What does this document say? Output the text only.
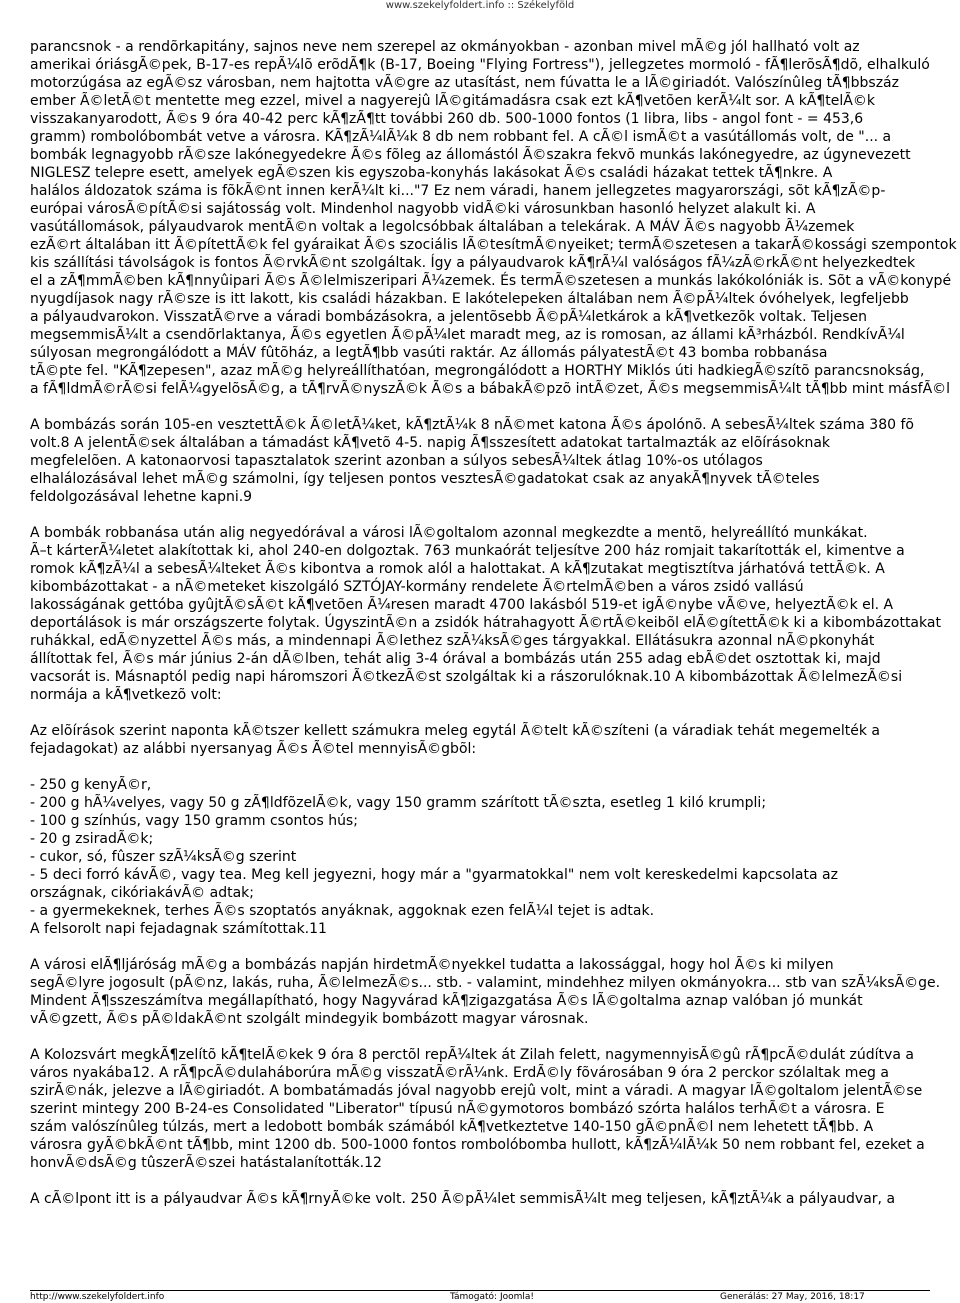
www.szekelyfoldert.info :: Székelyföld
parancsnok - a rendõrkapitány, sajnos neve nem szerepel az okmányokban - azonban mivel mÃ©g jól hallható volt az
amerikai óriásgÃ©pek, B-17-es repÃ¼lõ erõdÃ¶k (B-17, Boeing "Flying Fortress"), jellegzetes mormoló - fÃ¶lerõsÃ¶dõ, elhalkuló
motorzúgása az egÃ©sz városban, nem hajtotta vÃ©gre az utasítást, nem fúvatta le a lÃ©giriadót. Valószínûleg tÃ¶bbszáz
ember Ã©letÃ©t mentette meg ezzel, mivel a nagyerejû lÃ©gitámadásra csak ezt kÃ¶vetõen kerÃ¼lt sor. A kÃ¶telÃ©k
visszakanyarodott, Ã©s 9 óra 40-42 perc kÃ¶zÃ¶tt további 260 db. 500-1000 fontos (1 libra, libs - angol font - = 453,6
gramm) rombolóbombát vetve a városra. KÃ¶zÃ¼lÃ¼k 8 db nem robbant fel. A cÃ©l ismÃ©t a vasútállomás volt, de "... a
bombák legnagyobb rÃ©sze lakónegyedekre Ã©s fõleg az állomástól Ã©szakra fekvõ munkás lakónegyedre, az úgynevezett
NIGLESZ telepre esett, amelyek egÃ©szen kis egyszoba-konyhás lakásokat Ã©s családi házakat tettek tÃ¶nkre. A
halálos áldozatok száma is fõkÃ©nt innen kerÃ¼lt ki..."7 Ez nem váradi, hanem jellegzetes magyarországi, sõt kÃ¶zÃ©p-
európai városÃ©pítÃ©si sajátosság volt. Mindenhol nagyobb vidÃ©ki városunkban hasonló helyzet alakult ki. A
vasútállomások, pályaudvarok mentÃ©n voltak a legolcsóbbak általában a telekárak. A MÁV Ã©s nagyobb Ã¼zemek
ezÃ©rt általában itt Ã©pítettÃ©k fel gyáraikat Ã©s szociális lÃ©tesítmÃ©nyeiket; termÃ©szetesen a takarÃ©kossági szempontok
kis szállítási távolságok is fontos Ã©rvkÃ©nt szolgáltak. Így a pályaudvarok kÃ¶rÃ¼l valóságos fÃ¼zÃ©rkÃ©nt helyezkedtek
el a zÃ¶mmÃ©ben kÃ¶nnyûipari Ã©s Ã©lelmiszeripari Ã¼zemek. És termÃ©szetesen a munkás lakókolóniák is. Sõt a vÃ©konypé
nyugdíjasok nagy rÃ©sze is itt lakott, kis családi házakban. E lakótelepeken általában nem Ã©pÃ¼ltek óvóhelyek, legfeljebb
a pályaudvarokon. VisszatÃ©rve a váradi bombázásokra, a jelentõsebb Ã©pÃ¼letkárok a kÃ¶vetkezõk voltak. Teljesen
megsemmisÃ¼lt a csendõrlaktanya, Ã©s egyetlen Ã©pÃ¼let maradt meg, az is romosan, az állami kÃ³rházból. RendkívÃ¼l
súlyosan megrongálódott a MÁV fûtõház, a legtÃ¶bb vasúti raktár. Az állomás pályatestÃ©t 43 bomba robbanása
tÃ©pte fel. "KÃ¶zepesen", azaz mÃ©g helyreállíthatóan, megrongálódott a HORTHY Miklós úti hadkiegÃ©szítõ parancsnokság,
a fÃ¶ldmÃ©rÃ©si felÃ¼gyelõsÃ©g, a tÃ¶rvÃ©nyszÃ©k Ã©s a bábakÃ©pzõ intÃ©zet, Ã©s megsemmisÃ¼lt tÃ¶bb mint másfÃ©l
A bombázás során 105-en vesztettÃ©k Ã©letÃ¼ket, kÃ¶ztÃ¼k 8 nÃ©met katona Ã©s ápolónõ. A sebesÃ¼ltek száma 380 fõ
volt.8 A jelentÃ©sek általában a támadást kÃ¶vetõ 4-5. napig Ã¶sszesített adatokat tartalmazták az elõírásoknak
megfelelõen. A katonaorvosi tapasztalatok szerint azonban a súlyos sebesÃ¼ltek átlag 10%-os utólagos
elhalálozásával lehet mÃ©g számolni, így teljesen pontos vesztesÃ©gadatokat csak az anyakÃ¶nyvek tÃ©teles
feldolgozásával lehetne kapni.9
A bombák robbanása után alig negyedórával a városi lÃ©goltalom azonnal megkezdte a mentõ, helyreállító munkákat.
Ã–t kárterÃ¼letet alakítottak ki, ahol 240-en dolgoztak. 763 munkaórát teljesítve 200 ház romjait takarították el, kimentve a
romok kÃ¶zÃ¼l a sebesÃ¼lteket Ã©s kibontva a romok alól a halottakat. A kÃ¶zutakat megtisztítva járhatóvá tettÃ©k. A
kibombázottakat - a nÃ©meteket kiszolgáló SZTÓJAY-kormány rendelete Ã©rtelmÃ©ben a város zsidó vallású
lakosságának gettóba gyûjtÃ©sÃ©t kÃ¶vetõen Ã¼resen maradt 4700 lakásból 519-et igÃ©nybe vÃ©ve, helyeztÃ©k el. A
deportálások is már országszerte folytak. ÚgyszintÃ©n a zsidók hátrahagyott Ã©rtÃ©keibõl elÃ©gítettÃ©k ki a kibombázottakat
ruhákkal, edÃ©nyzettel Ã©s más, a mindennapi Ã©lethez szÃ¼ksÃ©ges tárgyakkal. Ellátásukra azonnal nÃ©pkonyhát
állítottak fel, Ã©s már június 2-án dÃ©lben, tehát alig 3-4 órával a bombázás után 255 adag ebÃ©det osztottak ki, majd
vacsorát is. Másnaptól pedig napi háromszori Ã©tkezÃ©st szolgáltak ki a rászorulóknak.10 A kibombázottak Ã©lelmezÃ©si
normája a kÃ¶vetkezõ volt:
Az elõírások szerint naponta kÃ©tszer kellett számukra meleg egytál Ã©telt kÃ©szíteni (a váradiak tehát megemelték a
fejadagokat) az alábbi nyersanyag Ã©s Ã©tel mennyisÃ©gbõl:
- 250 g kenyÃ©r,
- 200 g hÃ¼velyes, vagy 50 g zÃ¶ldfõzelÃ©k, vagy 150 gramm szárított tÃ©szta, esetleg 1 kiló krumpli;
- 100 g színhús, vagy 150 gramm csontos hús;
- 20 g zsiradÃ©k;
- cukor, só, fûszer szÃ¼ksÃ©g szerint
- 5 deci forró kávÃ©, vagy tea. Meg kell jegyezni, hogy már a "gyarmatokkal" nem volt kereskedelmi kapcsolata az
országnak, cikóriakávÃ© adtak;
- a gyermekeknek, terhes Ã©s szoptatós anyáknak, aggoknak ezen felÃ¼l tejet is adtak.
A felsorolt napi fejadagnak számítottak.11
A városi elÃ¶ljáróság mÃ©g a bombázás napján hirdetmÃ©nyekkel tudatta a lakossággal, hogy hol Ã©s ki milyen
segÃ©lyre jogosult (pÃ©nz, lakás, ruha, Ã©lelmezÃ©s... stb. - valamint, mindehhez milyen okmányokra... stb van szÃ¼ksÃ©ge.
Mindent Ã¶sszeszámítva megállapítható, hogy Nagyvárad kÃ¶zigazgatása Ã©s lÃ©goltalma aznap valóban jó munkát
vÃ©gzett, Ã©s pÃ©ldakÃ©nt szolgált mindegyik bombázott magyar városnak.
A Kolozsvárt megkÃ¶zelítõ kÃ¶telÃ©kek 9 óra 8 perctõl repÃ¼ltek át Zilah felett, nagymennyisÃ©gû rÃ¶pcÃ©dulát zúdítva a
város nyakába12. A rÃ¶pcÃ©dulaháborúra mÃ©g visszatÃ©rÃ¼nk. ErdÃ©ly fõvárosában 9 óra 2 perckor szólaltak meg a
szirÃ©nák, jelezve a lÃ©giriadót. A bombatámadás jóval nagyobb erejû volt, mint a váradi. A magyar lÃ©goltalom jelentÃ©se
szerint mintegy 200 B-24-es Consolidated "Liberator" típusú nÃ©gymotoros bombázó szórta halálos terhÃ©t a városra. E
szám valószínûleg túlzás, mert a ledobott bombák számából kÃ¶vetkeztetve 140-150 gÃ©pnÃ©l nem lehetett tÃ¶bb. A
városra gyÃ©bkÃ©nt tÃ¶bb, mint 1200 db. 500-1000 fontos rombolóbomba hullott, kÃ¶zÃ¼lÃ¼k 50 nem robbant fel, ezeket a
honvÃ©dsÃ©g tûszerÃ©szei hatástalanították.12
A cÃ©lpont itt is a pályaudvar Ã©s kÃ¶rnyÃ©ke volt. 250 Ã©pÃ¼let semmisÃ¼lt meg teljesen, kÃ¶ztÃ¼k a pályaudvar, a
http://www.szekelyfoldert.info	Támogató: Joomla!	Generálás: 27 May, 2016, 18:17
